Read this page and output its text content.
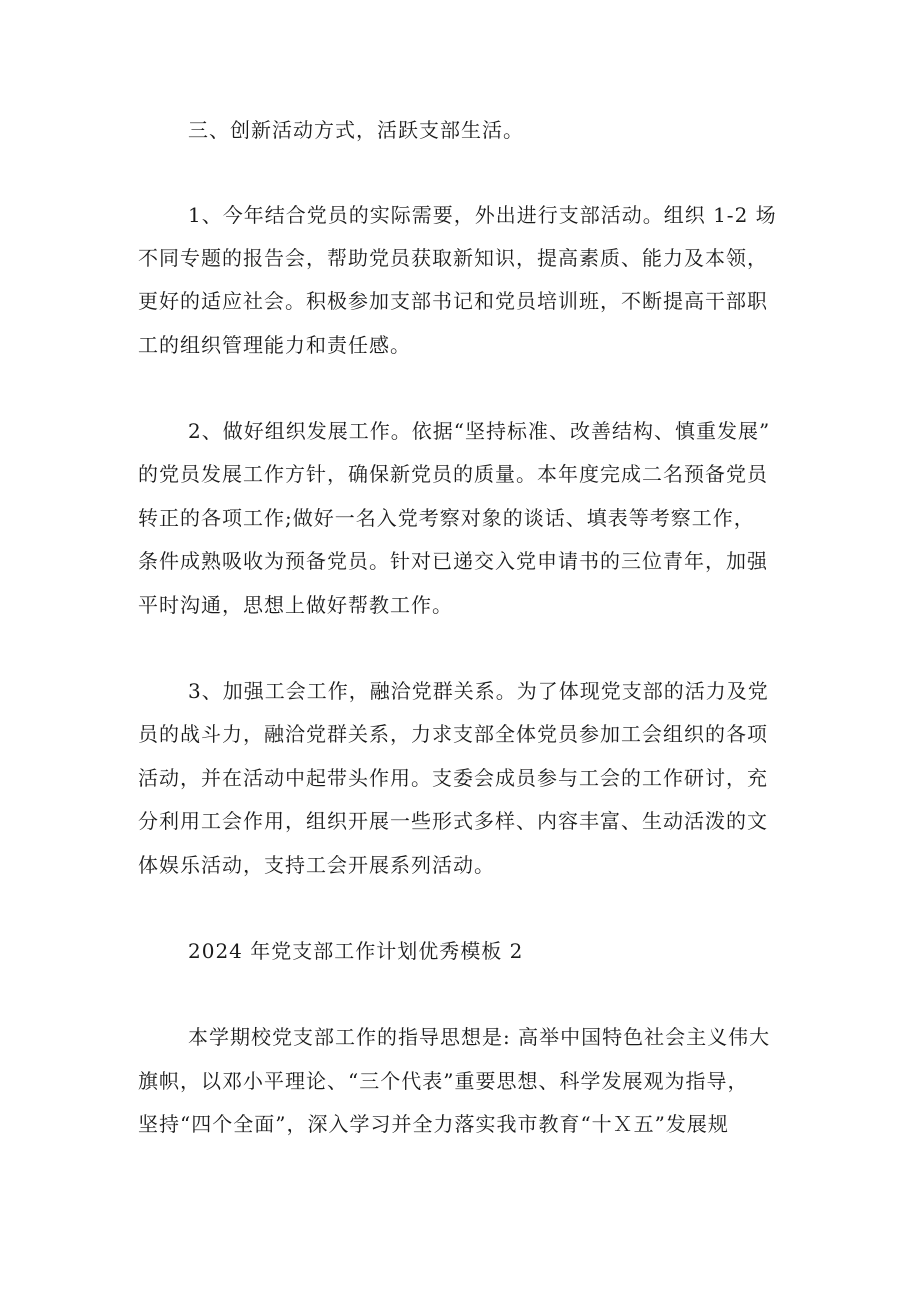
三、创新活动方式，活跃支部生活。
1、今年结合党员的实际需要，外出进行支部活动。组织 1-2 场
不同专题的报告会，帮助党员获取新知识，提高素质、能力及本领，
更好的适应社会。积极参加支部书记和党员培训班，不断提高干部职
工的组织管理能力和责任感。
2、做好组织发展工作。依据“坚持标准、改善结构、慎重发展”
的党员发展工作方针，确保新党员的质量。本年度完成二名预备党员
转正的各项工作;做好一名入党考察对象的谈话、填表等考察工作，
条件成熟吸收为预备党员。针对已递交入党申请书的三位青年，加强
平时沟通，思想上做好帮教工作。
3、加强工会工作，融洽党群关系。为了体现党支部的活力及党
员的战斗力，融洽党群关系，力求支部全体党员参加工会组织的各项
活动，并在活动中起带头作用。支委会成员参与工会的工作研讨，充
分利用工会作用，组织开展一些形式多样、内容丰富、生动活泼的文
体娱乐活动，支持工会开展系列活动。
2024 年党支部工作计划优秀模板 2
本学期校党支部工作的指导思想是: 高举中国特色社会主义伟大
旗帜，以邓小平理论、“三个代表”重要思想、科学发展观为指导，
坚持“四个全面”，深入学习并全力落实我市教育“十Ｘ五”发展规
